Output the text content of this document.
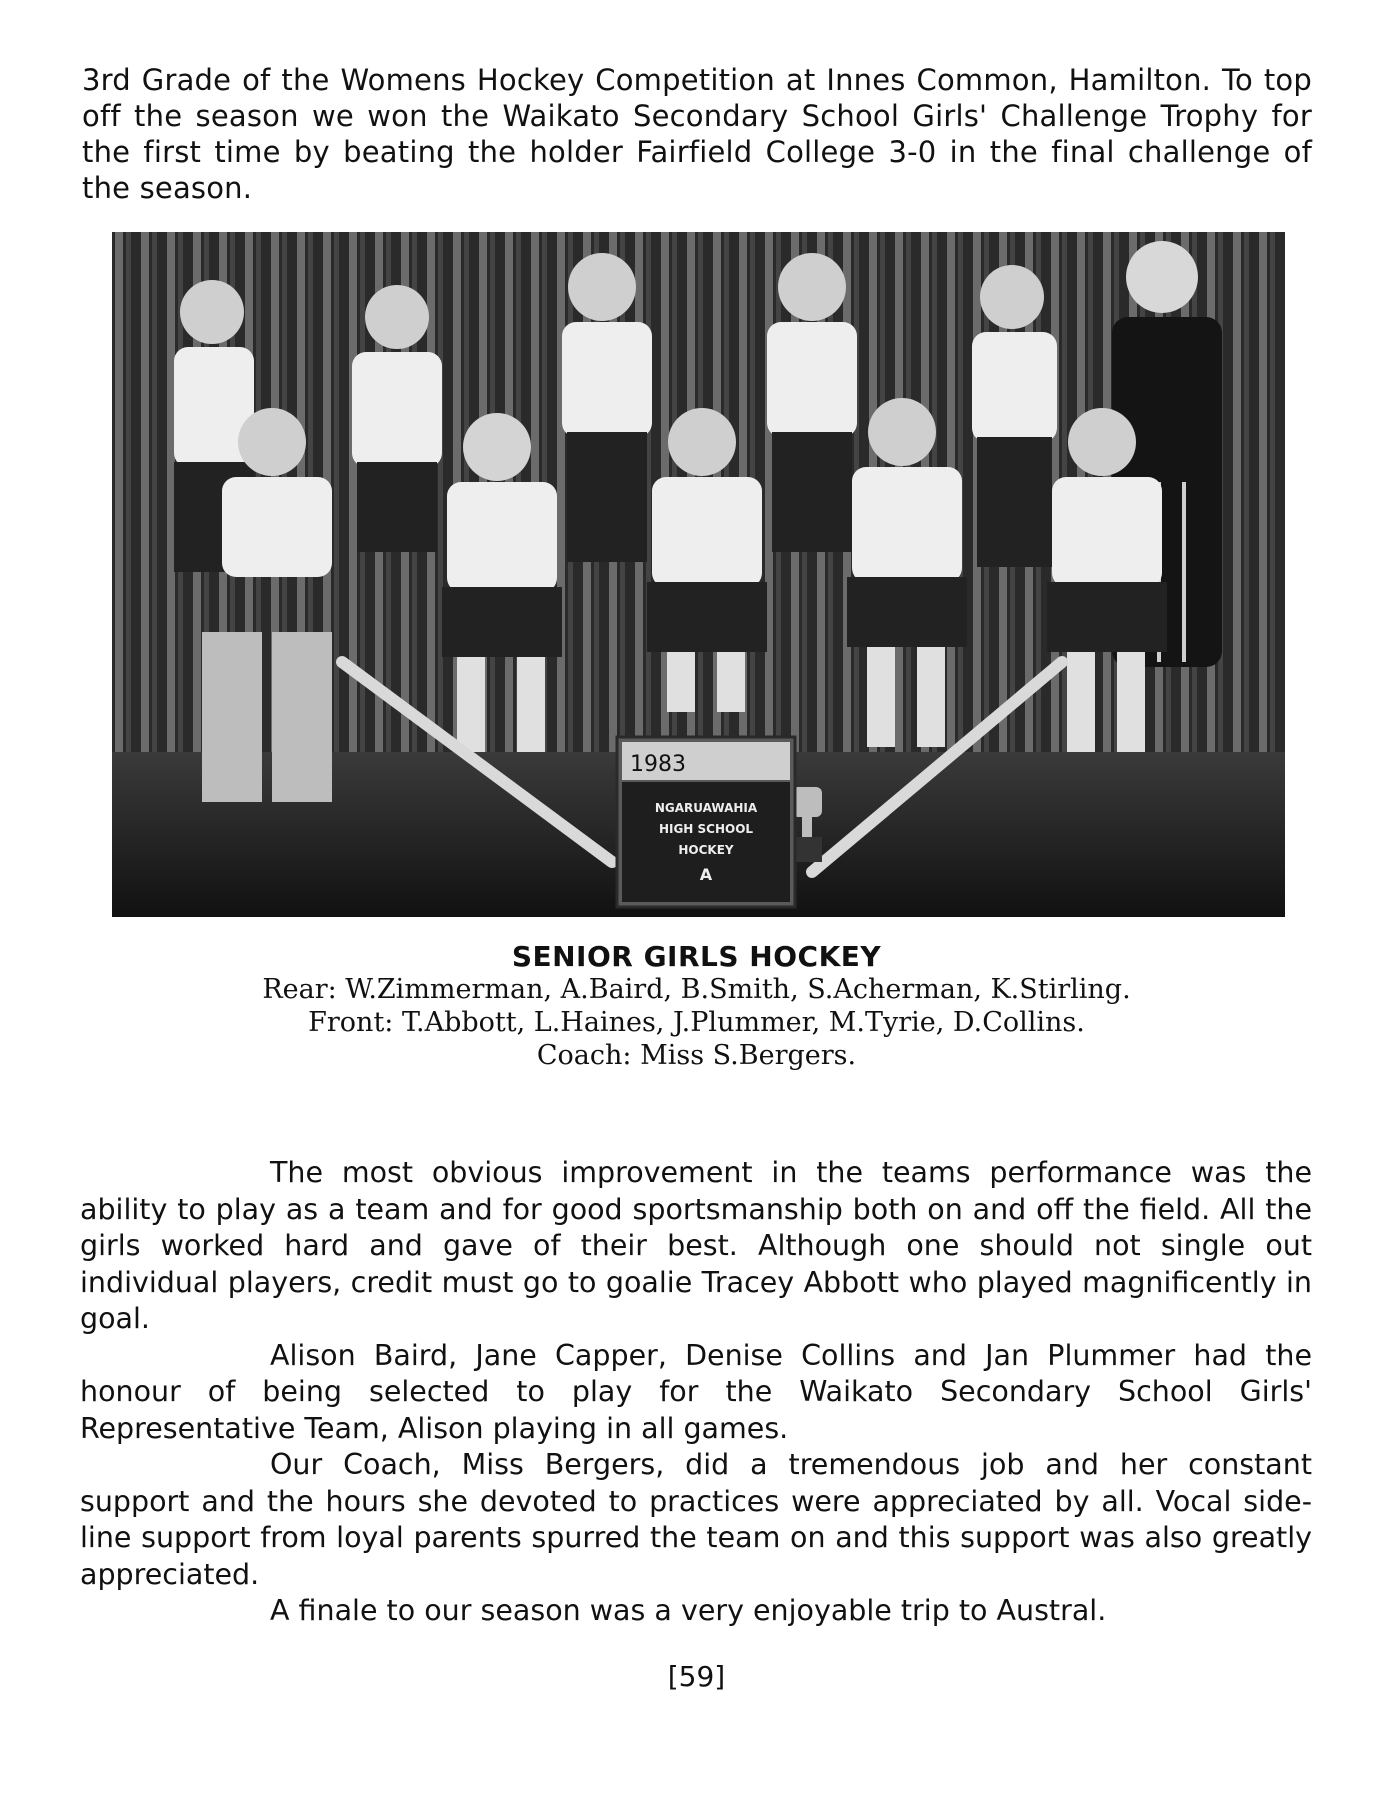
3rd Grade of the Womens Hockey Competition at Innes Common, Hamilton. To top off the season we won the Waikato Secondary School Girls' Challenge Trophy for the first time by beating the holder Fairfield College 3-0 in the final challenge of the season.

1983
NGARUAWAHIA
HIGH SCHOOL
HOCKEY
A
SENIOR GIRLS HOCKEY
Rear: W.Zimmerman, A.Baird, B.Smith, S.Acherman, K.Stirling.
Front: T.Abbott, L.Haines, J.Plummer, M.Tyrie, D.Collins.
Coach: Miss S.Bergers.

The most obvious improvement in the teams performance was the ability to play as a team and for good sportsmanship both on and off the field. All the girls worked hard and gave of their best. Although one should not single out individual players, credit must go to goalie Tracey Abbott who played magnificently in goal.

Alison Baird, Jane Capper, Denise Collins and Jan Plummer had the honour of being selected to play for the Waikato Secondary School Girls' Representative Team, Alison playing in all games.

Our Coach, Miss Bergers, did a tremendous job and her constant support and the hours she devoted to practices were appreciated by all. Vocal side-line support from loyal parents spurred the team on and this support was also greatly appreciated.

A finale to our season was a very enjoyable trip to Austral.

[59]
